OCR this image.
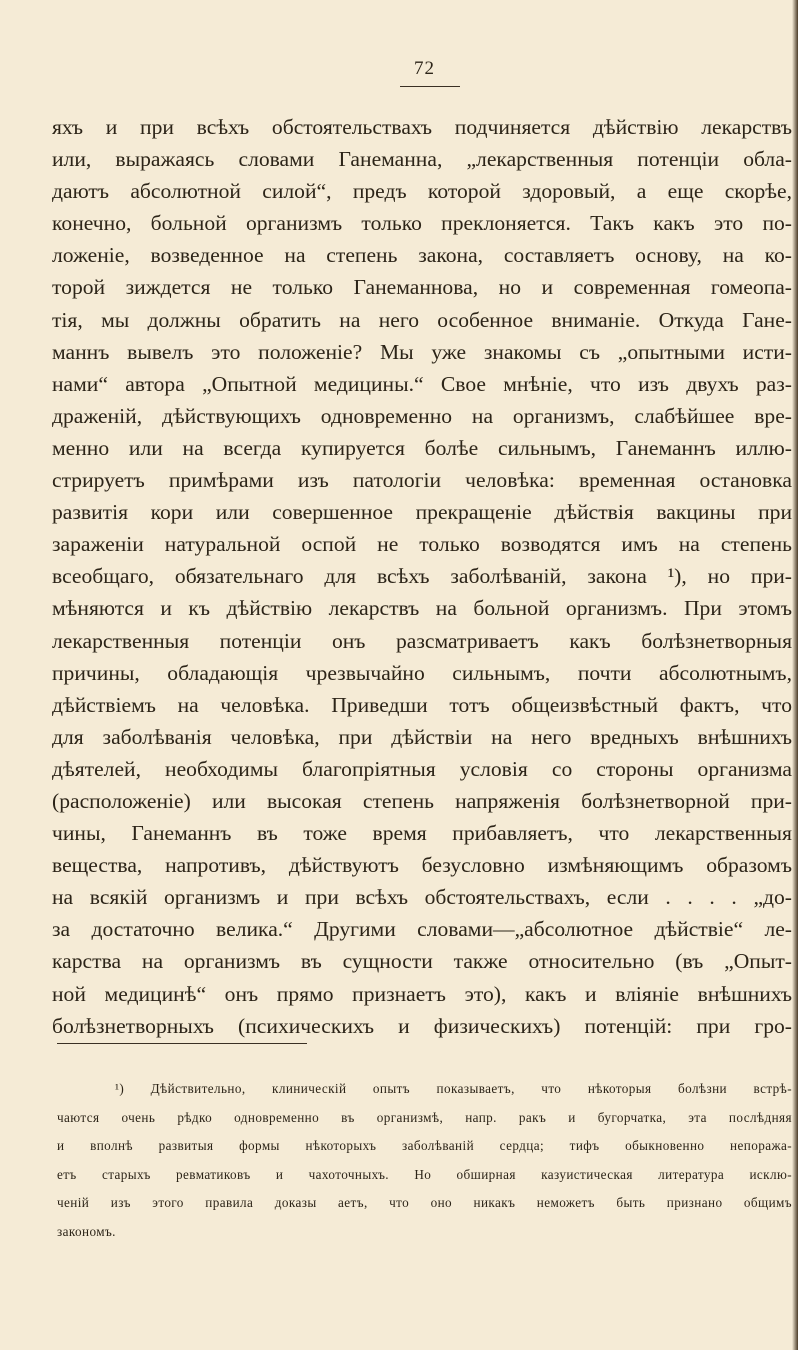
72
яхъ и при всѣхъ обстоятельствахъ подчиняется дѣйствію лекарствъ
или, выражаясь словами Ганеманна, „лекарственныя потенціи обла-
даютъ абсолютной силой“, предъ которой здоровый, а еще скорѣе,
конечно, больной организмъ только преклоняется. Такъ какъ это по-
ложеніе, возведенное на степень закона, составляетъ основу, на ко-
торой зиждется не только Ганеманнова, но и современная гомеопа-
тія, мы должны обратить на него особенное вниманіе. Откуда Гане-
маннъ вывелъ это положеніе? Мы уже знакомы съ „опытными исти-
нами“ автора „Опытной медицины.“ Свое мнѣніе, что изъ двухъ раз-
драженій, дѣйствующихъ одновременно на организмъ, слабѣйшее вре-
менно или на всегда купируется болѣе сильнымъ, Ганеманнъ иллю-
стрируетъ примѣрами изъ патологіи человѣка: временная остановка
развитія кори или совершенное прекращеніе дѣйствія вакцины при
зараженіи натуральной оспой не только возводятся имъ на степень
всеобщаго, обязательнаго для всѣхъ заболѣваній, закона ¹), но при-
мѣняются и къ дѣйствію лекарствъ на больной организмъ. При этомъ
лекарственныя потенціи онъ разсматриваетъ какъ болѣзнетворныя
причины, обладающія чрезвычайно сильнымъ, почти абсолютнымъ,
дѣйствіемъ на человѣка. Приведши тотъ общеизвѣстный фактъ, что
для заболѣванія человѣка, при дѣйствіи на него вредныхъ внѣшнихъ
дѣятелей, необходимы благопріятныя условія со стороны организма
(расположеніе) или высокая степень напряженія болѣзнетворной при-
чины, Ганеманнъ въ тоже время прибавляетъ, что лекарственныя
вещества, напротивъ, дѣйствуютъ безусловно измѣняющимъ образомъ
на всякій организмъ и при всѣхъ обстоятельствахъ, если . . . . „до-
за достаточно велика.“ Другими словами—„абсолютное дѣйствіе“ ле-
карства на организмъ въ сущности также относительно (въ „Опыт-
ной медицинѣ“ онъ прямо признаетъ это), какъ и вліяніе внѣшнихъ
болѣзнетворныхъ (психическихъ и физическихъ) потенцій: при гро-
¹) Дѣйствительно, клиническій опытъ показываетъ, что нѣкоторыя болѣзни встрѣ-
чаются очень рѣдко одновременно въ организмѣ, напр. ракъ и бугорчатка, эта послѣдняя
и вполнѣ развитыя формы нѣкоторыхъ заболѣваній сердца; тифъ обыкновенно непоража-
етъ старыхъ ревматиковъ и чахоточныхъ. Но обширная казуистическая литература исклю-
ченій изъ этого правила доказы аетъ, что оно никакъ неможетъ быть признано общимъ
закономъ.
